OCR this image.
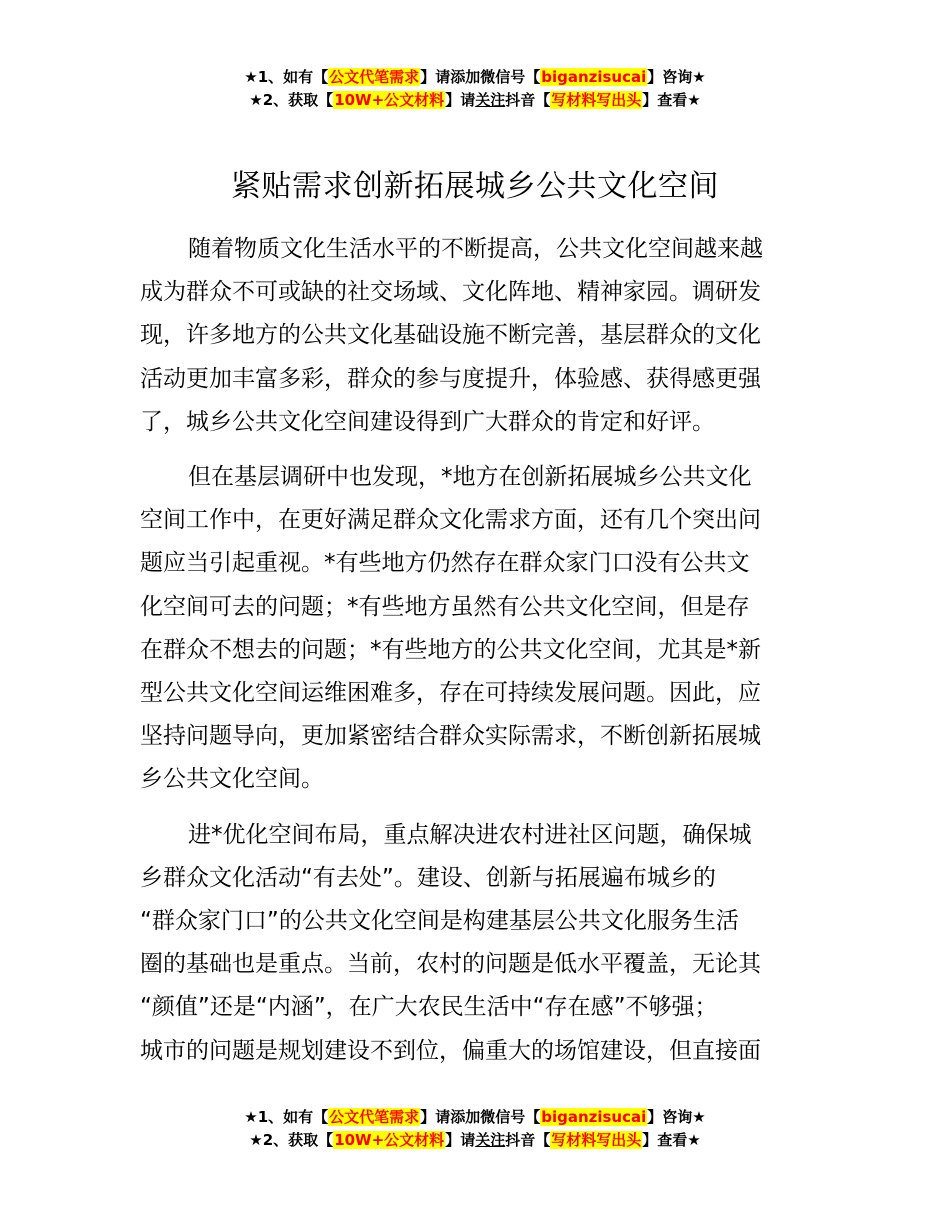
★1、如有【公文代笔需求】请添加微信号【biganzisucai】咨询★
★2、获取【10W+公文材料】请关注抖音【写材料写出头】查看★
紧贴需求创新拓展城乡公共文化空间
随着物质文化生活水平的不断提高，公共文化空间越来越
成为群众不可或缺的社交场域、文化阵地、精神家园。调研发
现，许多地方的公共文化基础设施不断完善，基层群众的文化
活动更加丰富多彩，群众的参与度提升，体验感、获得感更强
了，城乡公共文化空间建设得到广大群众的肯定和好评。
但在基层调研中也发现，*地方在创新拓展城乡公共文化
空间工作中，在更好满足群众文化需求方面，还有几个突出问
题应当引起重视。*有些地方仍然存在群众家门口没有公共文
化空间可去的问题；*有些地方虽然有公共文化空间，但是存
在群众不想去的问题；*有些地方的公共文化空间，尤其是*新
型公共文化空间运维困难多，存在可持续发展问题。因此，应
坚持问题导向，更加紧密结合群众实际需求，不断创新拓展城
乡公共文化空间。
进*优化空间布局，重点解决进农村进社区问题，确保城
乡群众文化活动“有去处”。建设、创新与拓展遍布城乡的
“群众家门口”的公共文化空间是构建基层公共文化服务生活
圈的基础也是重点。当前，农村的问题是低水平覆盖，无论其
“颜值”还是“内涵”，在广大农民生活中“存在感”不够强；
城市的问题是规划建设不到位，偏重大的场馆建设，但直接面
★1、如有【公文代笔需求】请添加微信号【biganzisucai】咨询★
★2、获取【10W+公文材料】请关注抖音【写材料写出头】查看★
